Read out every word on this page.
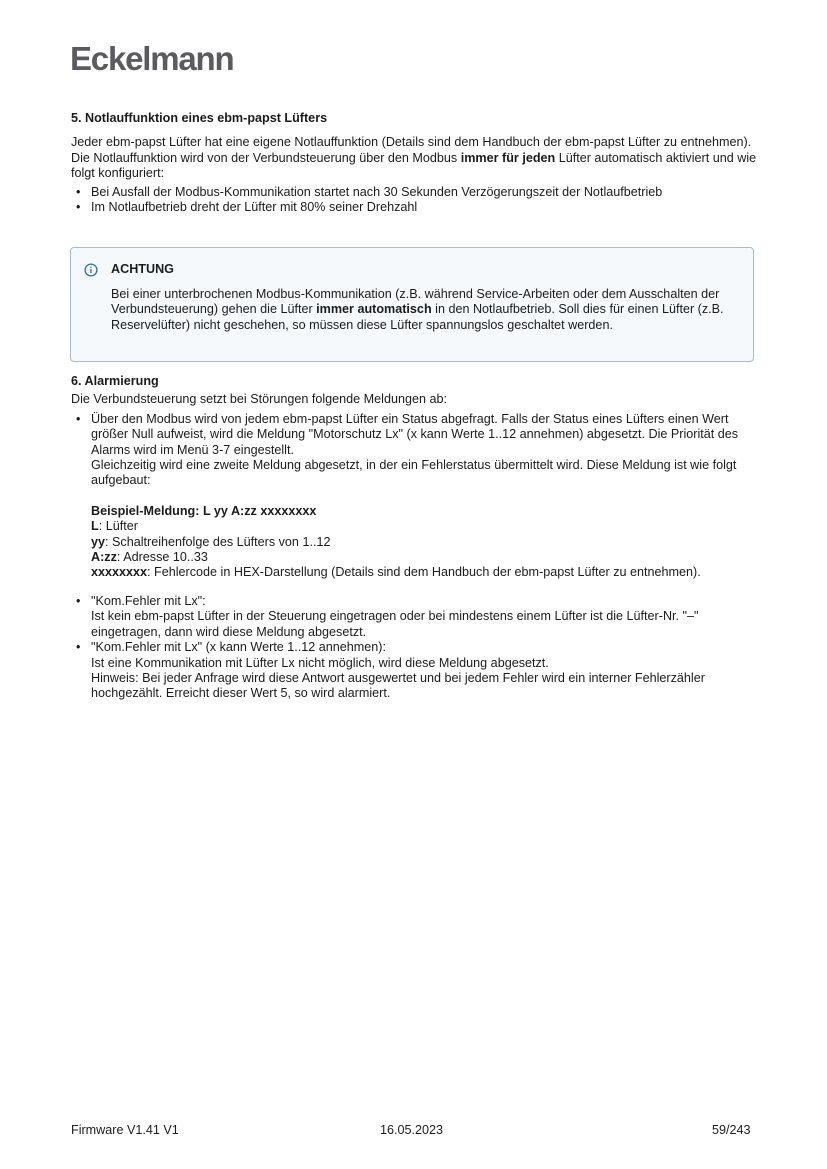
Eckelmann
5. Notlauffunktion eines ebm-papst Lüfters

Jeder ebm-papst Lüfter hat eine eigene Notlauffunktion (Details sind dem Handbuch der ebm-papst Lüfter zu entnehmen). Die Notlauffunktion wird von der Verbundsteuerung über den Modbus immer für jeden Lüfter automatisch aktiviert und wie folgt konfiguriert:

• Bei Ausfall der Modbus-Kommunikation startet nach 30 Sekunden Verzögerungszeit der Notlaufbetrieb
• Im Notlaufbetrieb dreht der Lüfter mit 80% seiner Drehzahl
ACHTUNG
Bei einer unterbrochenen Modbus-Kommunikation (z.B. während Service-Arbeiten oder dem Ausschalten der Verbundsteuerung) gehen die Lüfter immer automatisch in den Notlaufbetrieb. Soll dies für einen Lüfter (z.B. Reservelüfter) nicht geschehen, so müssen diese Lüfter spannungslos geschaltet werden.
6. Alarmierung

Die Verbundsteuerung setzt bei Störungen folgende Meldungen ab:

• Über den Modbus wird von jedem ebm-papst Lüfter ein Status abgefragt. Falls der Status eines Lüfters einen Wert größer Null aufweist, wird die Meldung "Motorschutz Lx" (x kann Werte 1..12 annehmen) abgesetzt. Die Priorität des Alarms wird im Menü 3-7 eingestellt.
Gleichzeitig wird eine zweite Meldung abgesetzt, in der ein Fehlerstatus übermittelt wird. Diese Meldung ist wie folgt aufgebaut:
Beispiel-Meldung: L yy A:zz xxxxxxxx
L: Lüfter
yy: Schaltreihenfolge des Lüfters von 1..12
A:zz: Adresse 10..33
xxxxxxxx: Fehlercode in HEX-Darstellung (Details sind dem Handbuch der ebm-papst Lüfter zu entnehmen).
• "Kom.Fehler mit Lx":
Ist kein ebm-papst Lüfter in der Steuerung eingetragen oder bei mindestens einem Lüfter ist die Lüfter-Nr. "–" eingetragen, dann wird diese Meldung abgesetzt.
• "Kom.Fehler mit Lx" (x kann Werte 1..12 annehmen):
Ist eine Kommunikation mit Lüfter Lx nicht möglich, wird diese Meldung abgesetzt.
Hinweis: Bei jeder Anfrage wird diese Antwort ausgewertet und bei jedem Fehler wird ein interner Fehlerzähler hochgezählt. Erreicht dieser Wert 5, so wird alarmiert.
Firmware V1.41 V1	16.05.2023	59/243
